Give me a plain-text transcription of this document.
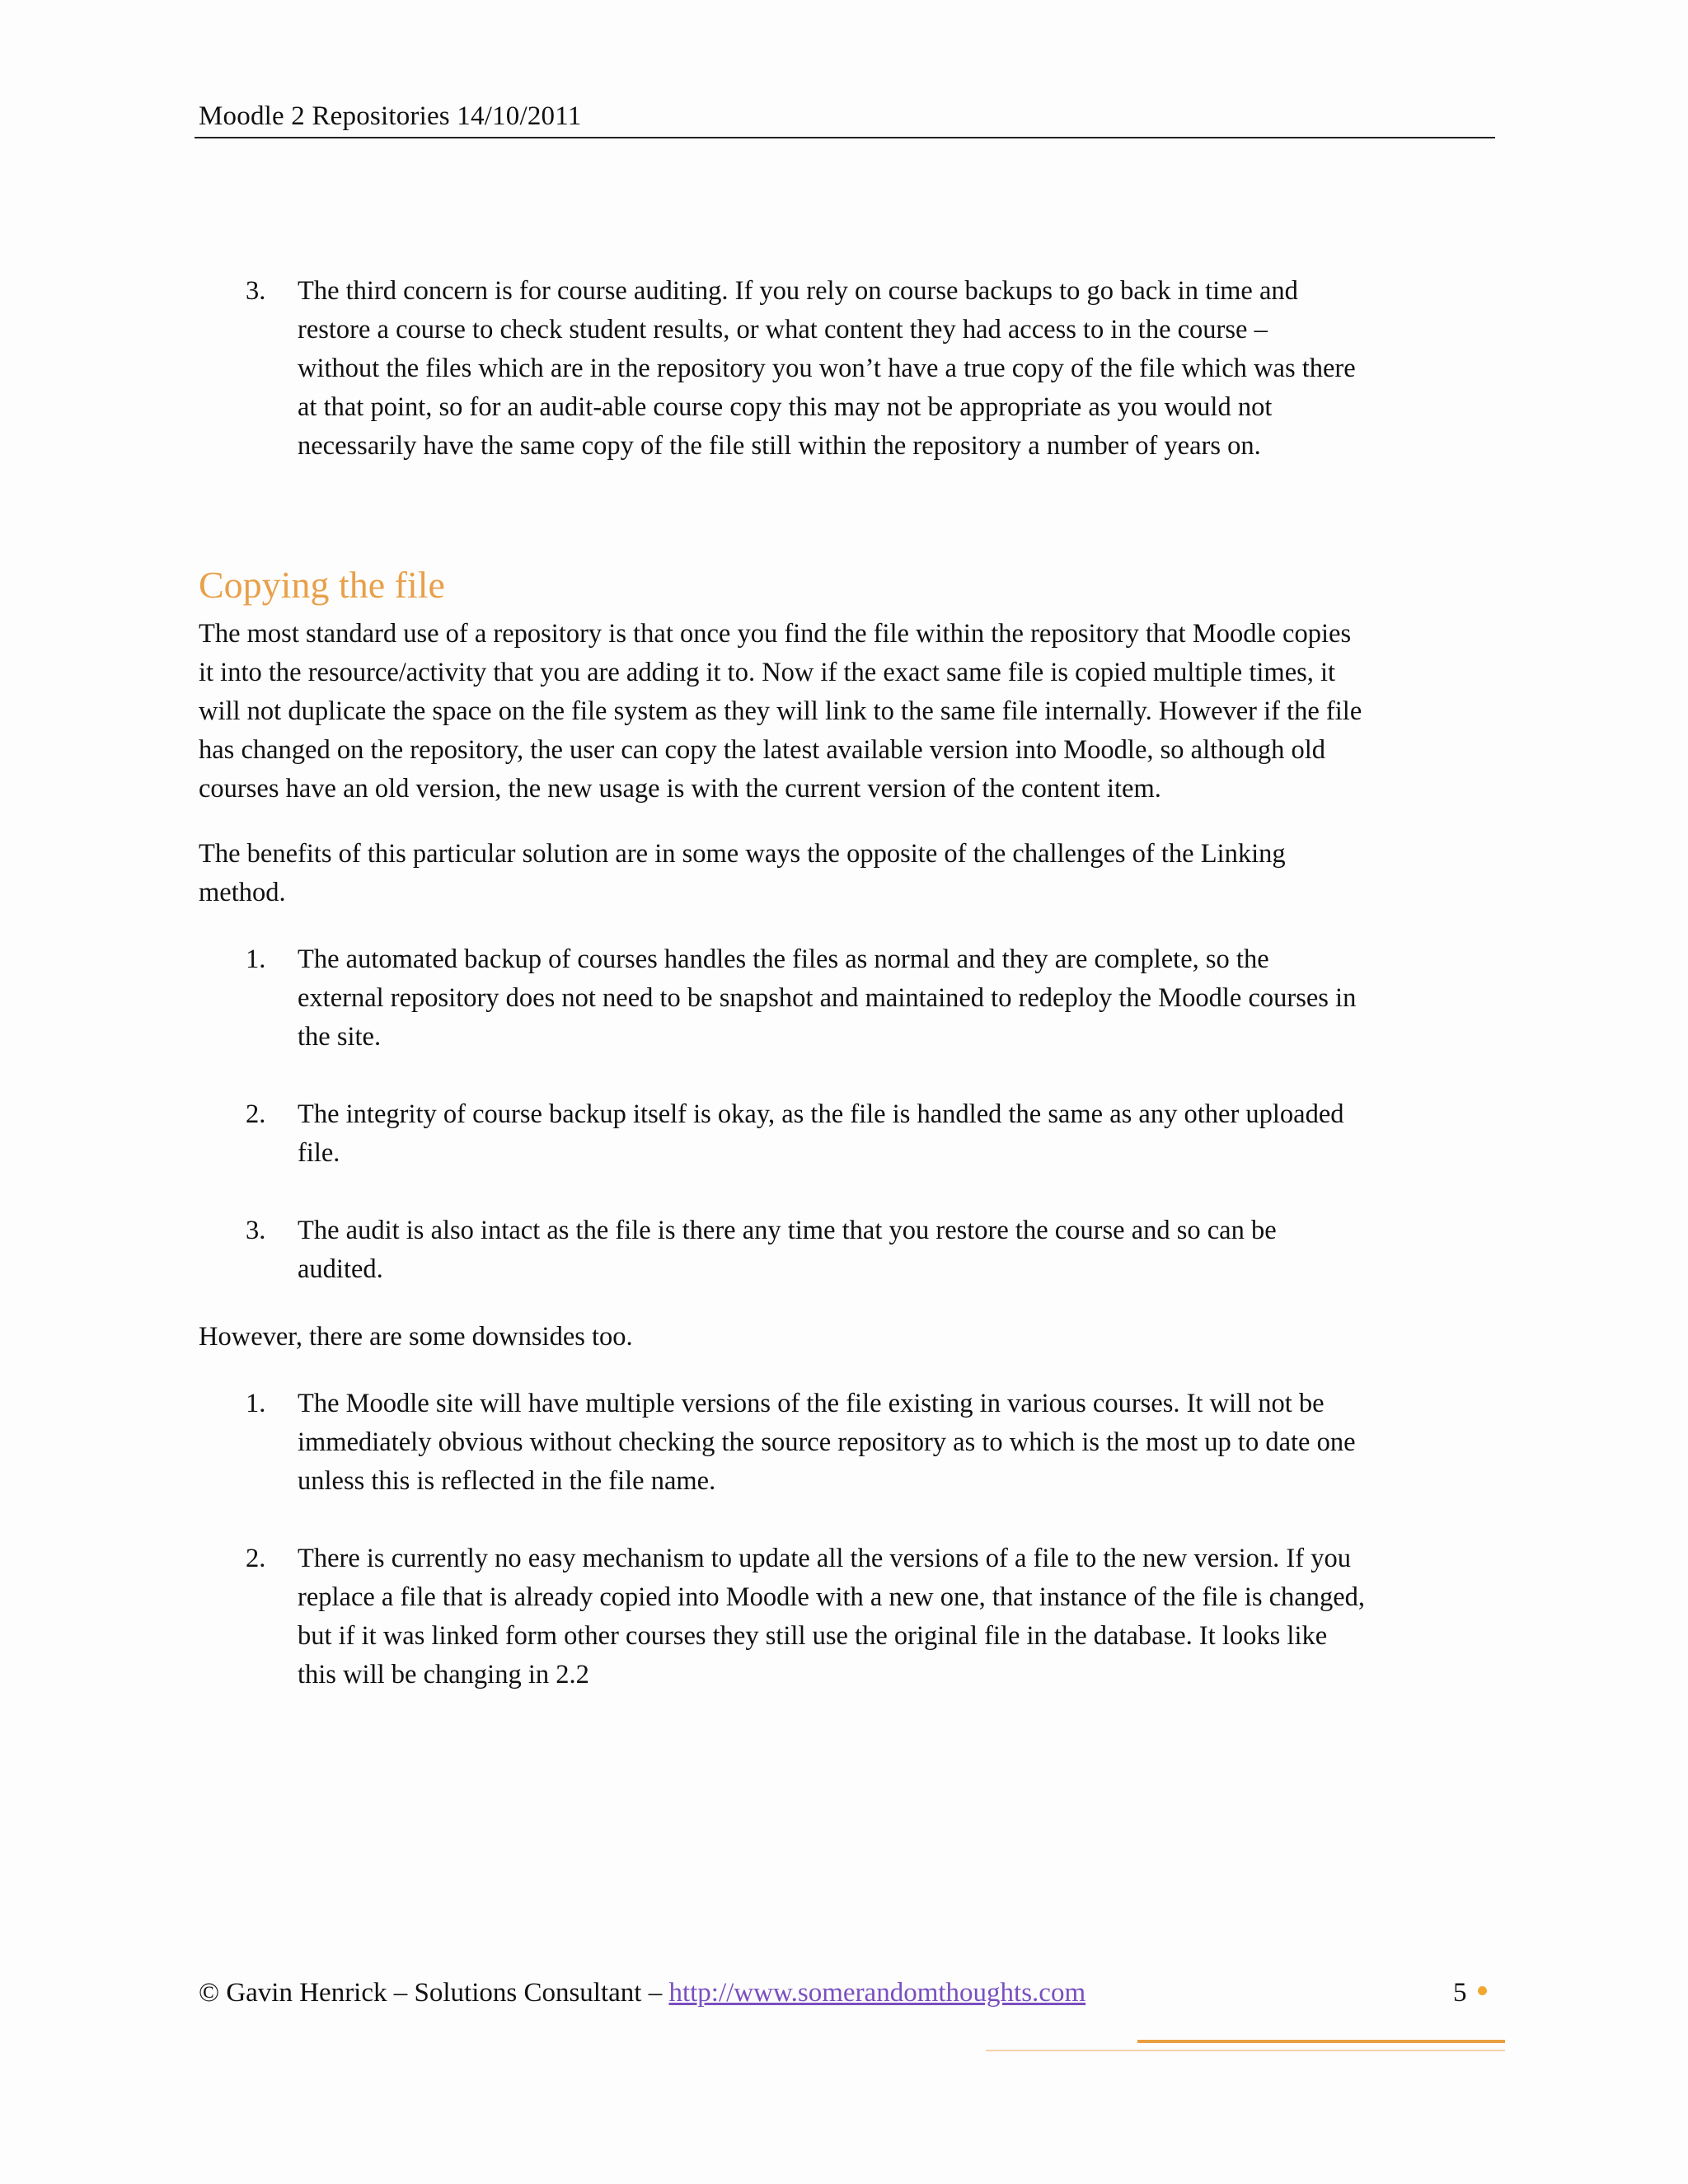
Moodle 2 Repositories 14/10/2011
3. The third concern is for course auditing. If you rely on course backups to go back in time and
restore a course to check student results, or what content they had access to in the course –
without the files which are in the repository you won’t have a true copy of the file which was there
at that point, so for an audit-able course copy this may not be appropriate as you would not
necessarily have the same copy of the file still within the repository a number of years on.
Copying the file
The most standard use of a repository is that once you find the file within the repository that Moodle copies
it into the resource/activity that you are adding it to. Now if the exact same file is copied multiple times, it
will not duplicate the space on the file system as they will link to the same file internally. However if the file
has changed on the repository, the user can copy the latest available version into Moodle, so although old
courses have an old version, the new usage is with the current version of the content item.
The benefits of this particular solution are in some ways the opposite of the challenges of the Linking
method.
1. The automated backup of courses handles the files as normal and they are complete, so the
external repository does not need to be snapshot and maintained to redeploy the Moodle courses in
the site.
2. The integrity of course backup itself is okay, as the file is handled the same as any other uploaded
file.
3. The audit is also intact as the file is there any time that you restore the course and so can be
audited.
However, there are some downsides too.
1. The Moodle site will have multiple versions of the file existing in various courses. It will not be
immediately obvious without checking the source repository as to which is the most up to date one
unless this is reflected in the file name.
2. There is currently no easy mechanism to update all the versions of a file to the new version. If you
replace a file that is already copied into Moodle with a new one, that instance of the file is changed,
but if it was linked form other courses they still use the original file in the database. It looks like
this will be changing in 2.2
© Gavin Henrick – Solutions Consultant – http://www.somerandomthoughts.com	5
